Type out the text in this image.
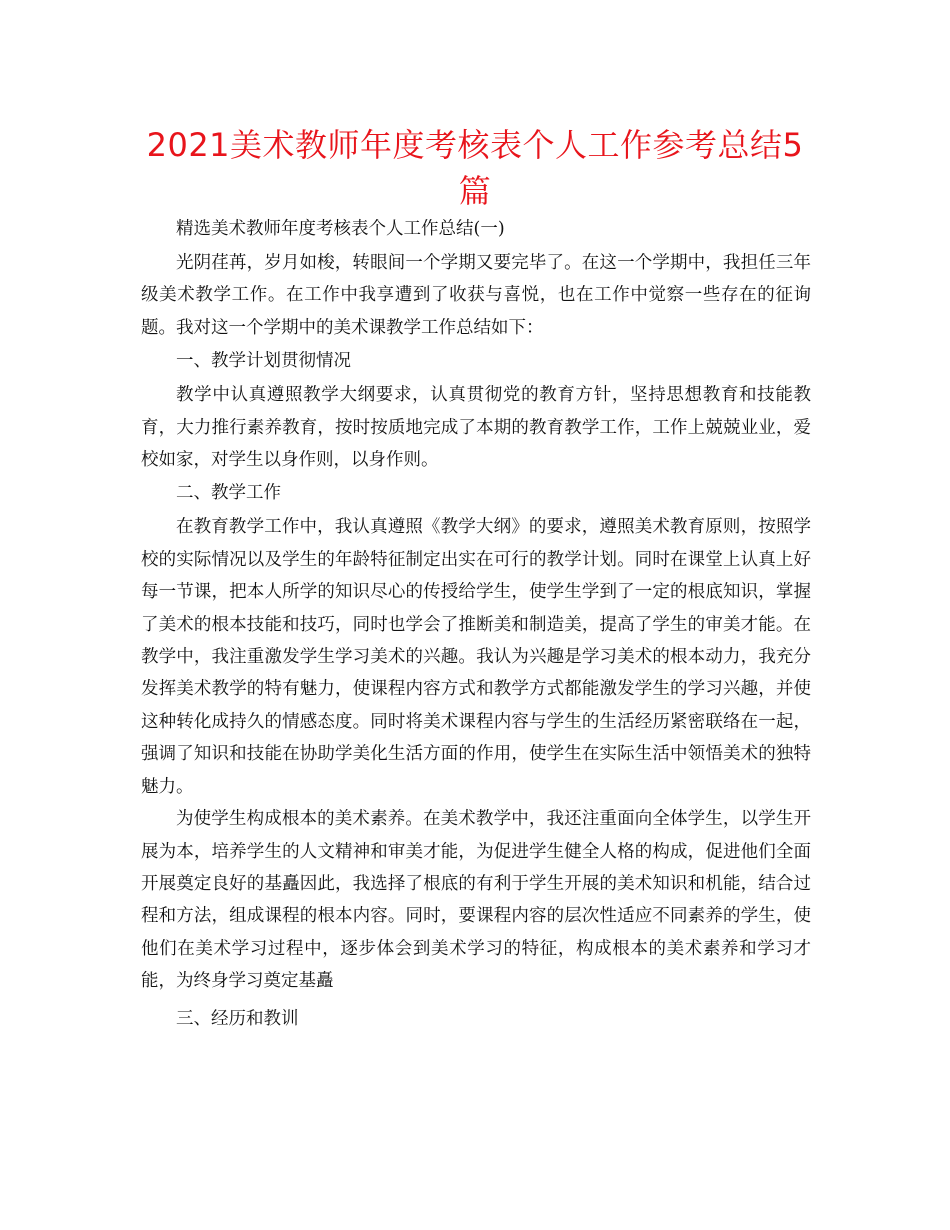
2021美术教师年度考核表个人工作参考总结5篇

精选美术教师年度考核表个人工作总结(一)

光阴荏苒，岁月如梭，转眼间一个学期又要完毕了。在这一个学期中，我担任三年级美术教学工作。在工作中我享遭到了收获与喜悦，也在工作中觉察一些存在的征询题。我对这一个学期中的美术课教学工作总结如下：

一、教学计划贯彻情况

教学中认真遵照教学大纲要求，认真贯彻党的教育方针，坚持思想教育和技能教育，大力推行素养教育，按时按质地完成了本期的教育教学工作，工作上兢兢业业，爱校如家，对学生以身作则，以身作则。

二、教学工作

在教育教学工作中，我认真遵照《教学大纲》的要求，遵照美术教育原则，按照学校的实际情况以及学生的年龄特征制定出实在可行的教学计划。同时在课堂上认真上好每一节课，把本人所学的知识尽心的传授给学生，使学生学到了一定的根底知识，掌握了美术的根本技能和技巧，同时也学会了推断美和制造美，提高了学生的审美才能。在教学中，我注重激发学生学习美术的兴趣。我认为兴趣是学习美术的根本动力，我充分发挥美术教学的特有魅力，使课程内容方式和教学方式都能激发学生的学习兴趣，并使这种转化成持久的情感态度。同时将美术课程内容与学生的生活经历紧密联络在一起，强调了知识和技能在协助学美化生活方面的作用，使学生在实际生活中领悟美术的独特魅力。

为使学生构成根本的美术素养。在美术教学中，我还注重面向全体学生，以学生开展为本，培养学生的人文精神和审美才能，为促进学生健全人格的构成，促进他们全面开展奠定良好的基矗因此，我选择了根底的有利于学生开展的美术知识和机能，结合过程和方法，组成课程的根本内容。同时，要课程内容的层次性适应不同素养的学生，使他们在美术学习过程中，逐步体会到美术学习的特征，构成根本的美术素养和学习才能，为终身学习奠定基矗

三、经历和教训
